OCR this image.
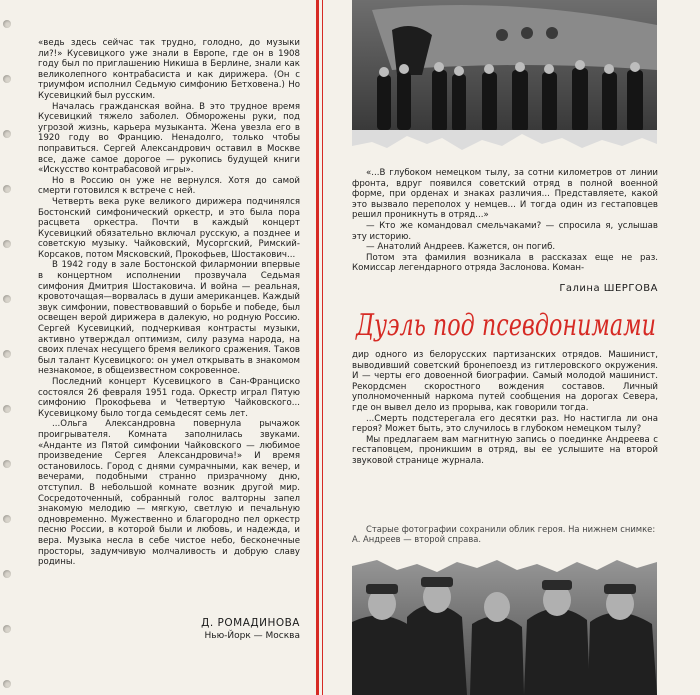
«ведь здесь сейчас так трудно, голодно, до музыки ли?!» Кусевицкого уже знали в Европе, где он в 1908 году был по приглашению Никиша в Берлине, знали как великолепного контрабасиста и как дирижера. (Он с триумфом исполнил Седьмую симфонию Бетховена.) Но Кусевицкий был русским.

Началась гражданская война. В это трудное время Кусевицкий тяжело заболел. Обморожены руки, под угрозой жизнь, карьера музыканта. Жена увезла его в 1920 году во Францию. Ненадолго, только чтобы поправиться. Сергей Александрович оставил в Москве все, даже самое дорогое — рукопись будущей книги «Искусство контрабасовой игры».

Но в Россию он уже не вернулся. Хотя до самой смерти готовился к встрече с ней.

Четверть века руке великого дирижера подчинялся Бостонский симфонический оркестр, и это была пора расцвета оркестра. Почти в каждый концерт Кусевицкий обязательно включал русскую, а позднее и советскую музыку. Чайковский, Мусоргский, Римский-Корсаков, потом Мясковский, Прокофьев, Шостакович...

В 1942 году в зале Бостонской филармонии впервые в концертном исполнении прозвучала Седьмая симфония Дмитрия Шостаковича. И война — реальная, кровоточащая—ворвалась в души американцев. Каждый звук симфонии, повествовавший о борьбе и победе, был освещен верой дирижера в далекую, но родную Россию. Сергей Кусевицкий, подчеркивая контрасты музыки, активно утверждал оптимизм, силу разума народа, на своих плечах несущего бремя великого сражения. Таков был талант Кусевицкого: он умел открывать в знакомом незнакомое, в общеизвестном сокровенное.

Последний концерт Кусевицкого в Сан-Франциско состоялся 26 февраля 1951 года. Оркестр играл Пятую симфонию Прокофьева и Четвертую Чайковского... Кусевицкому было тогда семьдесят семь лет.

...Ольга Александровна повернула рычажок проигрывателя. Комната заполнилась звуками. «Анданте из Пятой симфонии Чайковского — любимое произведение Сергея Александровича!» И время остановилось. Город с днями сумрачными, как вечер, и вечерами, подобными странно призрачному дню, отступил. В небольшой комнате возник другой мир. Сосредоточенный, собранный голос валторны запел знакомую мелодию — мягкую, светлую и печальную одновременно. Мужественно и благородно пел оркестр песню России, в которой были и любовь, и надежда, и вера. Музыка несла в себе чистое небо, бесконечные просторы, задумчивую молчаливость и добрую славу родины.

Д. РОМАДИНОВА
Нью-Йорк — Москва

«...В глубоком немецком тылу, за сотни километров от линии фронта, вдруг появился советский отряд в полной военной форме, при орденах и знаках различия... Представляете, какой это вызвало переполох у немцев... И тогда один из гестаповцев решил проникнуть в отряд...»

— Кто же командовал смельчаками? — спросила я, услышав эту историю.

— Анатолий Андреев. Кажется, он погиб.

Потом эта фамилия возникала в рассказах еще не раз. Комиссар легендарного отряда Заслонова. Коман-

Галина ШЕРГОВА
Дуэль под псевдонимами

дир одного из белорусских партизанских отрядов. Машинист, выводивший советский бронепоезд из гитлеровского окружения. И — черты его довоенной биографии. Самый молодой машинист. Рекордсмен скоростного вождения составов. Личный уполномоченный наркома путей сообщения на дорогах Севера, где он вывел дело из прорыва, как говорили тогда.

...Смерть подстерегала его десятки раз. Но настигла ли она героя? Может быть, это случилось в глубоком немецком тылу?

Мы предлагаем вам магнитную запись о поединке Андреева с гестаповцем, проникшим в отряд, вы ее услышите на второй звуковой странице журнала.

Старые фотографии сохранили облик героя. На нижнем снимке: А. Андреев — второй справа.
